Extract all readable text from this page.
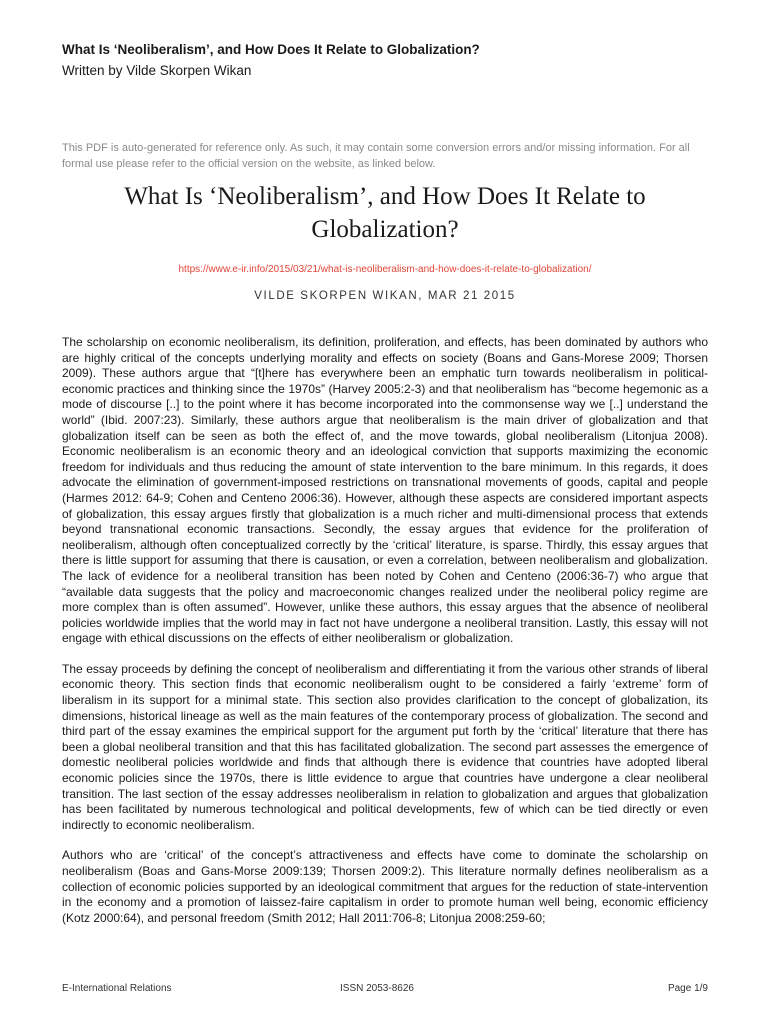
What Is ‘Neoliberalism’, and How Does It Relate to Globalization?
Written by Vilde Skorpen Wikan
This PDF is auto-generated for reference only. As such, it may contain some conversion errors and/or missing information. For all formal use please refer to the official version on the website, as linked below.
What Is ‘Neoliberalism’, and How Does It Relate to Globalization?
https://www.e-ir.info/2015/03/21/what-is-neoliberalism-and-how-does-it-relate-to-globalization/
VILDE SKORPEN WIKAN, MAR 21 2015

The scholarship on economic neoliberalism, its definition, proliferation, and effects, has been dominated by authors who are highly critical of the concepts underlying morality and effects on society (Boans and Gans-Morese 2009; Thorsen 2009). These authors argue that “[t]here has everywhere been an emphatic turn towards neoliberalism in political-economic practices and thinking since the 1970s” (Harvey 2005:2-3) and that neoliberalism has “become hegemonic as a mode of discourse [..] to the point where it has become incorporated into the commonsense way we [..] understand the world” (Ibid. 2007:23). Similarly, these authors argue that neoliberalism is the main driver of globalization and that globalization itself can be seen as both the effect of, and the move towards, global neoliberalism (Litonjua 2008). Economic neoliberalism is an economic theory and an ideological conviction that supports maximizing the economic freedom for individuals and thus reducing the amount of state intervention to the bare minimum. In this regards, it does advocate the elimination of government-imposed restrictions on transnational movements of goods, capital and people (Harmes 2012: 64-9; Cohen and Centeno 2006:36). However, although these aspects are considered important aspects of globalization, this essay argues firstly that globalization is a much richer and multi-dimensional process that extends beyond transnational economic transactions. Secondly, the essay argues that evidence for the proliferation of neoliberalism, although often conceptualized correctly by the ‘critical’ literature, is sparse. Thirdly, this essay argues that there is little support for assuming that there is causation, or even a correlation, between neoliberalism and globalization. The lack of evidence for a neoliberal transition has been noted by Cohen and Centeno (2006:36-7) who argue that “available data suggests that the policy and macroeconomic changes realized under the neoliberal policy regime are more complex than is often assumed”. However, unlike these authors, this essay argues that the absence of neoliberal policies worldwide implies that the world may in fact not have undergone a neoliberal transition. Lastly, this essay will not engage with ethical discussions on the effects of either neoliberalism or globalization.

The essay proceeds by defining the concept of neoliberalism and differentiating it from the various other strands of liberal economic theory. This section finds that economic neoliberalism ought to be considered a fairly ‘extreme’ form of liberalism in its support for a minimal state. This section also provides clarification to the concept of globalization, its dimensions, historical lineage as well as the main features of the contemporary process of globalization. The second and third part of the essay examines the empirical support for the argument put forth by the ‘critical’ literature that there has been a global neoliberal transition and that this has facilitated globalization. The second part assesses the emergence of domestic neoliberal policies worldwide and finds that although there is evidence that countries have adopted liberal economic policies since the 1970s, there is little evidence to argue that countries have undergone a clear neoliberal transition. The last section of the essay addresses neoliberalism in relation to globalization and argues that globalization has been facilitated by numerous technological and political developments, few of which can be tied directly or even indirectly to economic neoliberalism.

Authors who are ‘critical’ of the concept’s attractiveness and effects have come to dominate the scholarship on neoliberalism (Boas and Gans-Morse 2009:139; Thorsen 2009:2). This literature normally defines neoliberalism as a collection of economic policies supported by an ideological commitment that argues for the reduction of state-intervention in the economy and a promotion of laissez-faire capitalism in order to promote human well being, economic efficiency (Kotz 2000:64), and personal freedom (Smith 2012; Hall 2011:706-8; Litonjua 2008:259-60;

E-International Relations	ISSN 2053-8626	Page 1/9
